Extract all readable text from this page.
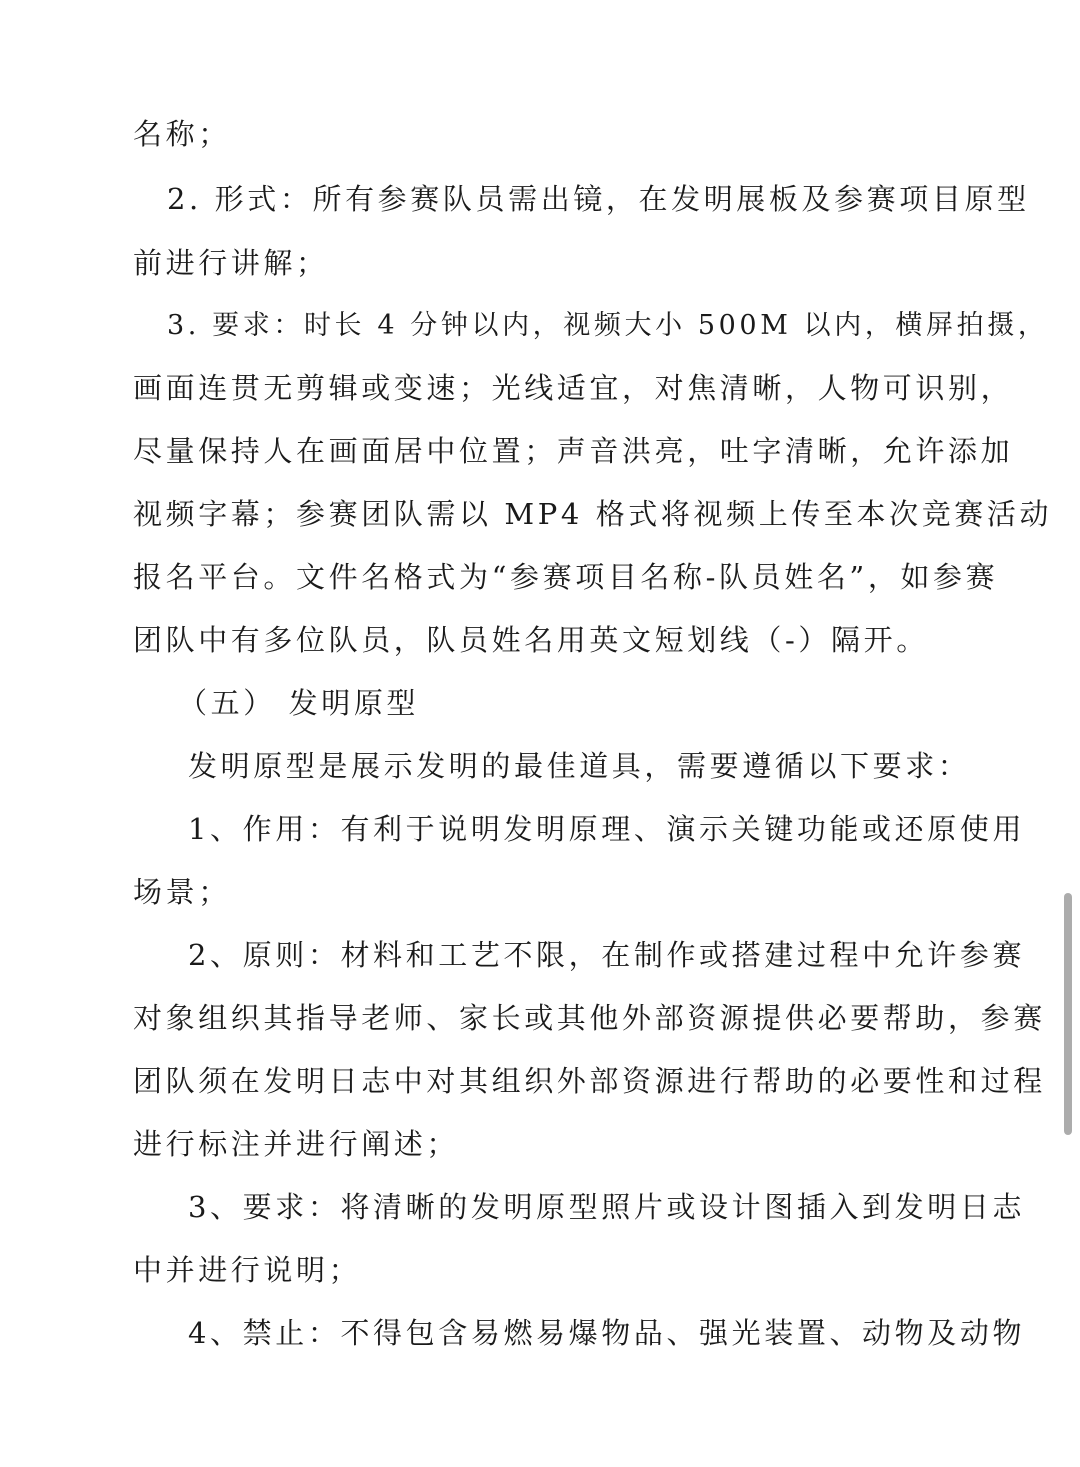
名称；
2. 形式：所有参赛队员需出镜，在发明展板及参赛项目原型
前进行讲解；
3. 要求：时长 4 分钟以内，视频大小 500M 以内，横屏拍摄，
画面连贯无剪辑或变速；光线适宜，对焦清晰，人物可识别，
尽量保持人在画面居中位置；声音洪亮，吐字清晰，允许添加
视频字幕；参赛团队需以 MP4 格式将视频上传至本次竞赛活动
报名平台。文件名格式为“参赛项目名称-队员姓名”，如参赛
团队中有多位队员，队员姓名用英文短划线（-）隔开。
（五） 发明原型
发明原型是展示发明的最佳道具，需要遵循以下要求：
1、作用：有利于说明发明原理、演示关键功能或还原使用
场景；
2、原则：材料和工艺不限，在制作或搭建过程中允许参赛
对象组织其指导老师、家长或其他外部资源提供必要帮助，参赛
团队须在发明日志中对其组织外部资源进行帮助的必要性和过程
进行标注并进行阐述；
3、要求：将清晰的发明原型照片或设计图插入到发明日志
中并进行说明；
4、禁止：不得包含易燃易爆物品、强光装置、动物及动物
